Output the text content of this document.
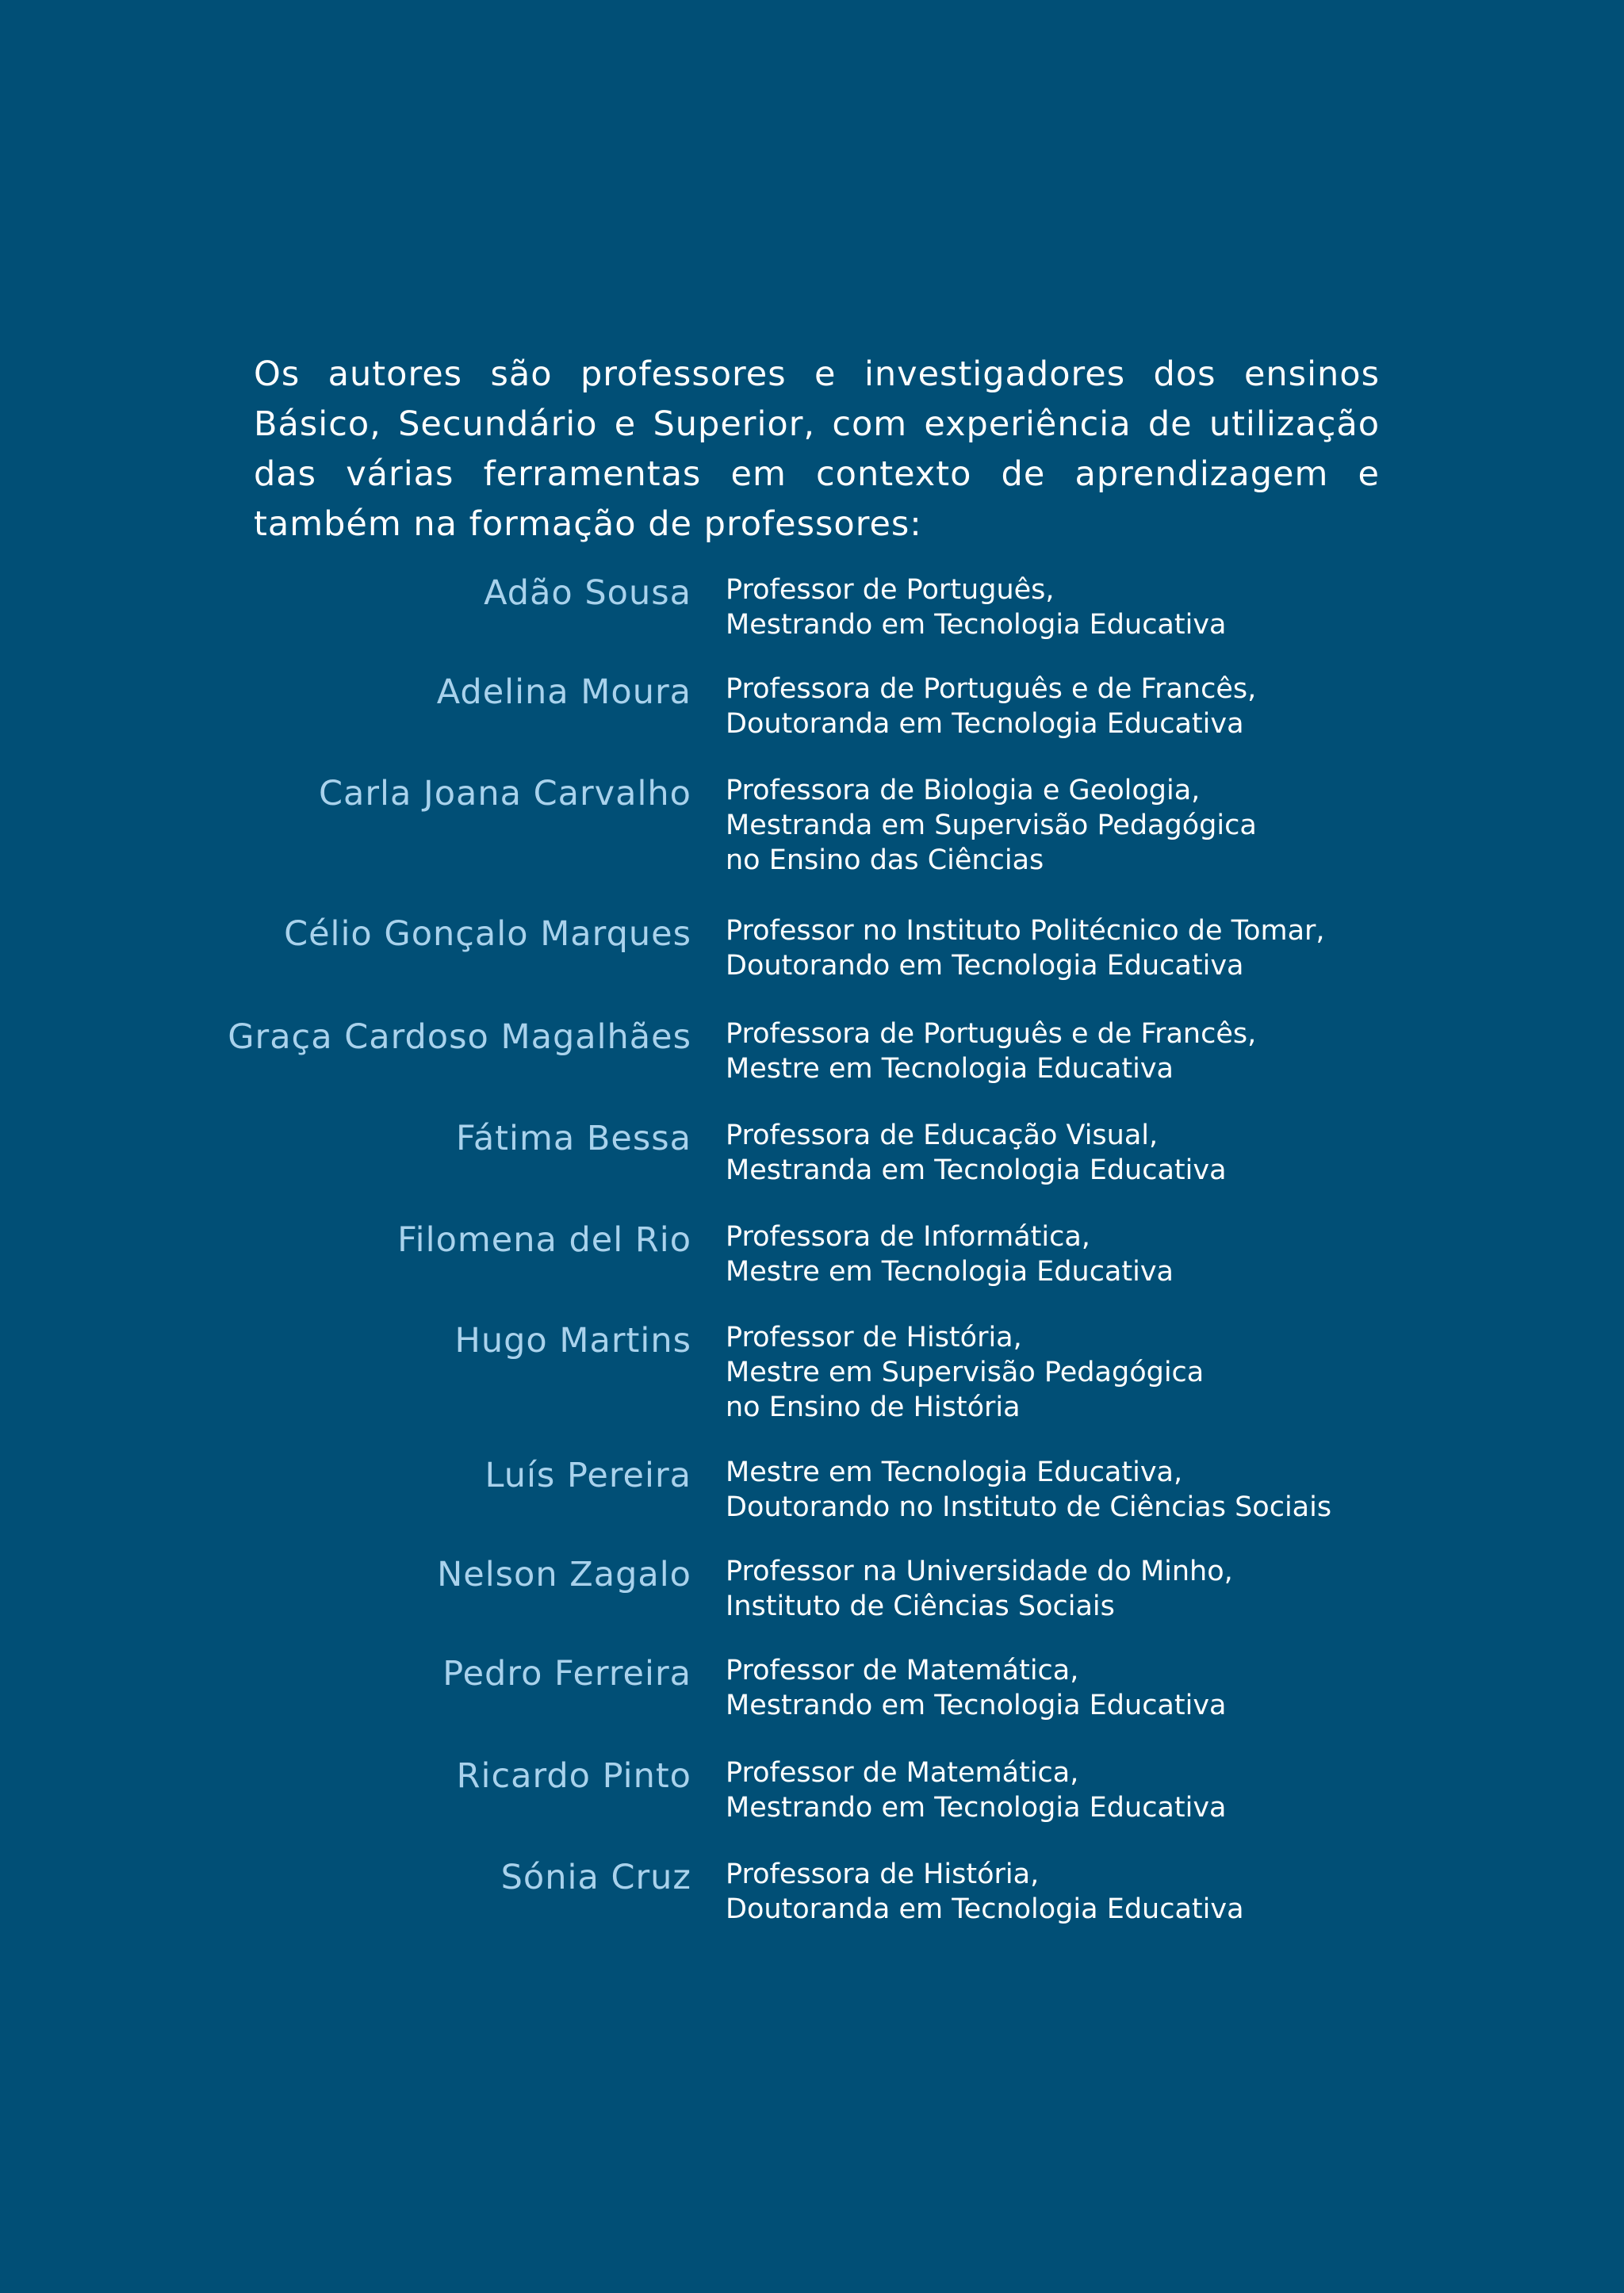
Os autores são professores e investigadores dos ensinos Básico, Secundário e Superior, com experiência de utilização das várias ferramentas em contexto de aprendizagem e também na formação de professores:

Adão Sousa Professor de Português,
Mestrando em Tecnologia Educativa
Adelina Moura Professora de Português e de Francês,
Doutoranda em Tecnologia Educativa
Carla Joana Carvalho Professora de Biologia e Geologia,
Mestranda em Supervisão Pedagógica
no Ensino das Ciências
Célio Gonçalo Marques Professor no Instituto Politécnico de Tomar,
Doutorando em Tecnologia Educativa
Graça Cardoso Magalhães Professora de Português e de Francês,
Mestre em Tecnologia Educativa
Fátima Bessa Professora de Educação Visual,
Mestranda em Tecnologia Educativa
Filomena del Rio Professora de Informática,
Mestre em Tecnologia Educativa
Hugo Martins Professor de História,
Mestre em Supervisão Pedagógica
no Ensino de História
Luís Pereira Mestre em Tecnologia Educativa,
Doutorando no Instituto de Ciências Sociais
Nelson Zagalo Professor na Universidade do Minho,
Instituto de Ciências Sociais
Pedro Ferreira Professor de Matemática,
Mestrando em Tecnologia Educativa
Ricardo Pinto Professor de Matemática,
Mestrando em Tecnologia Educativa
Sónia Cruz Professora de História,
Doutoranda em Tecnologia Educativa
